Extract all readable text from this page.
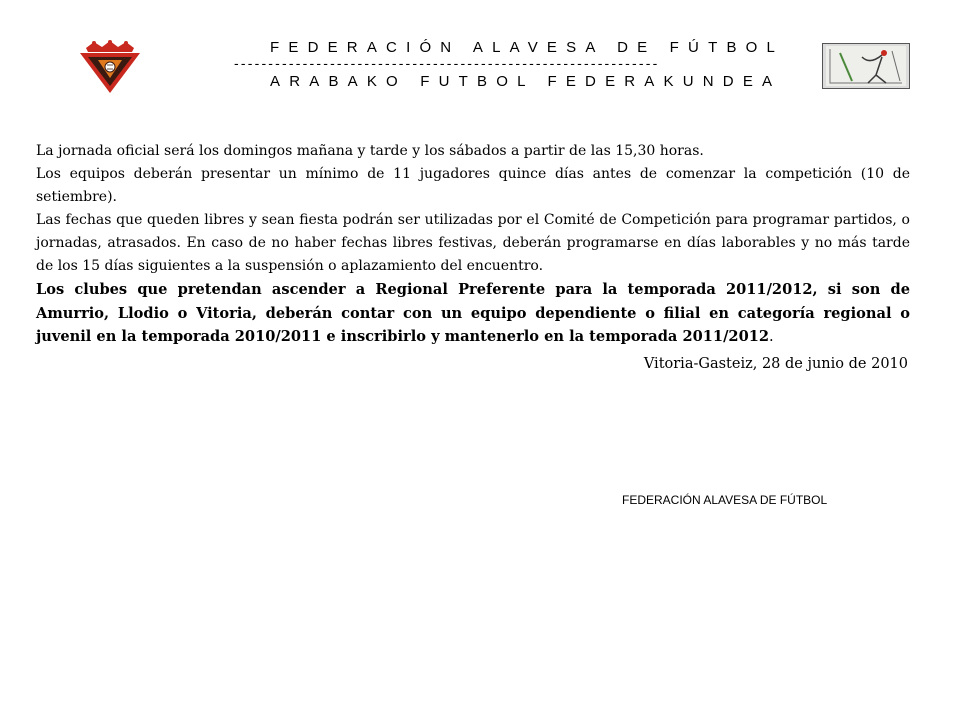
FEDERACIÓN ALAVESA DE FÚTBOL
--------------------------------------------------------------
ARABAKO FUTBOL FEDERAKUNDEA

La jornada oficial será los domingos mañana y tarde y los sábados a partir de las 15,30 horas.

Los equipos deberán presentar un mínimo de 11 jugadores quince días antes de comenzar la competición (10 de setiembre).

Las fechas que queden libres y sean fiesta podrán ser utilizadas por el Comité de Competición para programar partidos, o jornadas, atrasados. En caso de no haber fechas libres festivas, deberán programarse en días laborables y no más tarde de los 15 días siguientes a la suspensión o aplazamiento del encuentro.

Los clubes que pretendan ascender a Regional Preferente para la temporada 2011/2012, si son de Amurrio, Llodio o Vitoria, deberán contar con un equipo dependiente o filial en categoría regional o juvenil en la temporada 2010/2011 e inscribirlo y mantenerlo en la temporada 2011/2012.

Vitoria-Gasteiz, 28 de junio de 2010
FEDERACIÓN ALAVESA DE FÚTBOL
